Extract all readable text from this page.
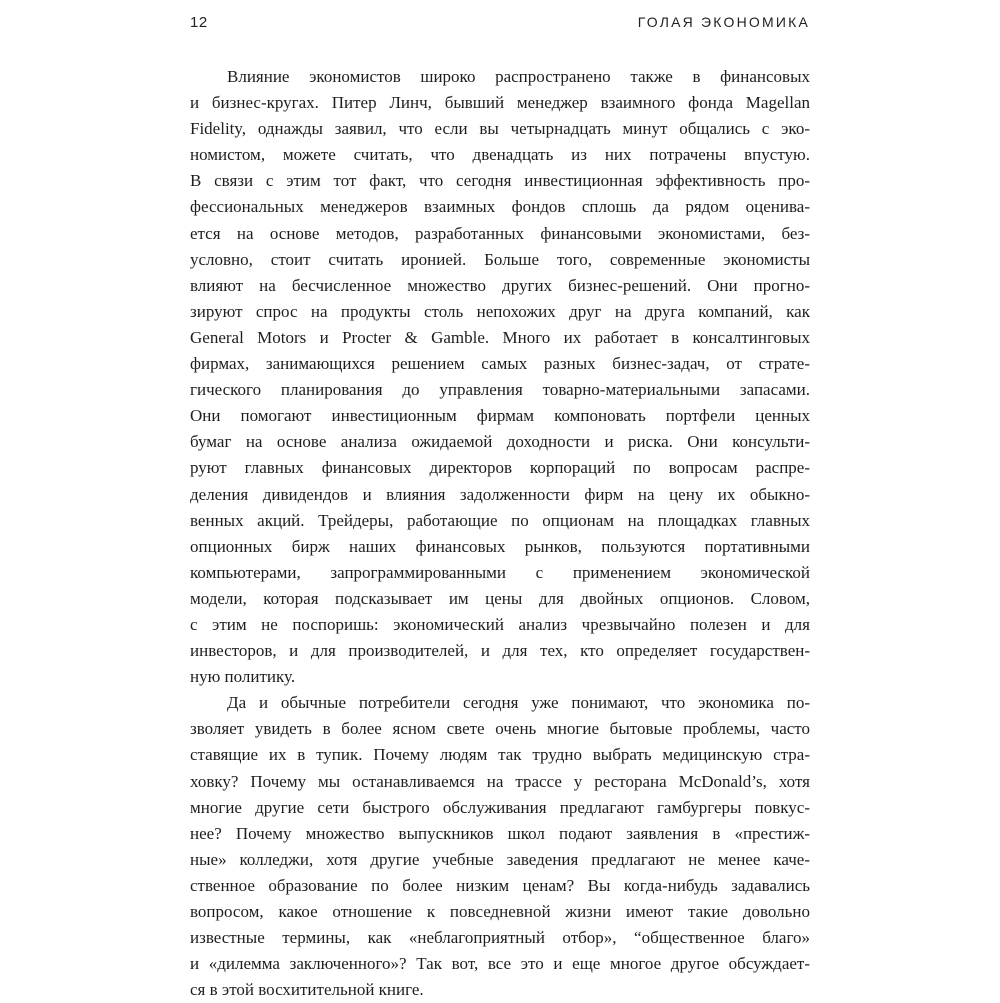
12	ГОЛАЯ ЭКОНОМИКА
Влияние экономистов широко распространено также в финансовых
и бизнес-кругах. Питер Линч, бывший менеджер взаимного фонда Magellan
Fidelity, однажды заявил, что если вы четырнадцать минут общались с эко-
номистом, можете считать, что двенадцать из них потрачены впустую.
В связи с этим тот факт, что сегодня инвестиционная эффективность про-
фессиональных менеджеров взаимных фондов сплошь да рядом оценива-
ется на основе методов, разработанных финансовыми экономистами, без-
условно, стоит считать иронией. Больше того, современные экономисты
влияют на бесчисленное множество других бизнес-решений. Они прогно-
зируют спрос на продукты столь непохожих друг на друга компаний, как
General Motors и Procter & Gamble. Много их работает в консалтинговых
фирмах, занимающихся решением самых разных бизнес-задач, от страте-
гического планирования до управления товарно-материальными запасами.
Они помогают инвестиционным фирмам компоновать портфели ценных
бумаг на основе анализа ожидаемой доходности и риска. Они консульти-
руют главных финансовых директоров корпораций по вопросам распре-
деления дивидендов и влияния задолженности фирм на цену их обыкно-
венных акций. Трейдеры, работающие по опционам на площадках главных
опционных бирж наших финансовых рынков, пользуются портативными
компьютерами, запрограммированными с применением экономической
модели, которая подсказывает им цены для двойных опционов. Словом,
с этим не поспоришь: экономический анализ чрезвычайно полезен и для
инвесторов, и для производителей, и для тех, кто определяет государствен-
ную политику.
Да и обычные потребители сегодня уже понимают, что экономика по-
зволяет увидеть в более ясном свете очень многие бытовые проблемы, часто
ставящие их в тупик. Почему людям так трудно выбрать медицинскую стра-
ховку? Почему мы останавливаемся на трассе у ресторана McDonald’s, хотя
многие другие сети быстрого обслуживания предлагают гамбургеры повкус-
нее? Почему множество выпускников школ подают заявления в «престиж-
ные» колледжи, хотя другие учебные заведения предлагают не менее каче-
ственное образование по более низким ценам? Вы когда-нибудь задавались
вопросом, какое отношение к повседневной жизни имеют такие довольно
известные термины, как «неблагоприятный отбор», “общественное благо»
и «дилемма заключенного»? Так вот, все это и еще многое другое обсуждает-
ся в этой восхитительной книге.
